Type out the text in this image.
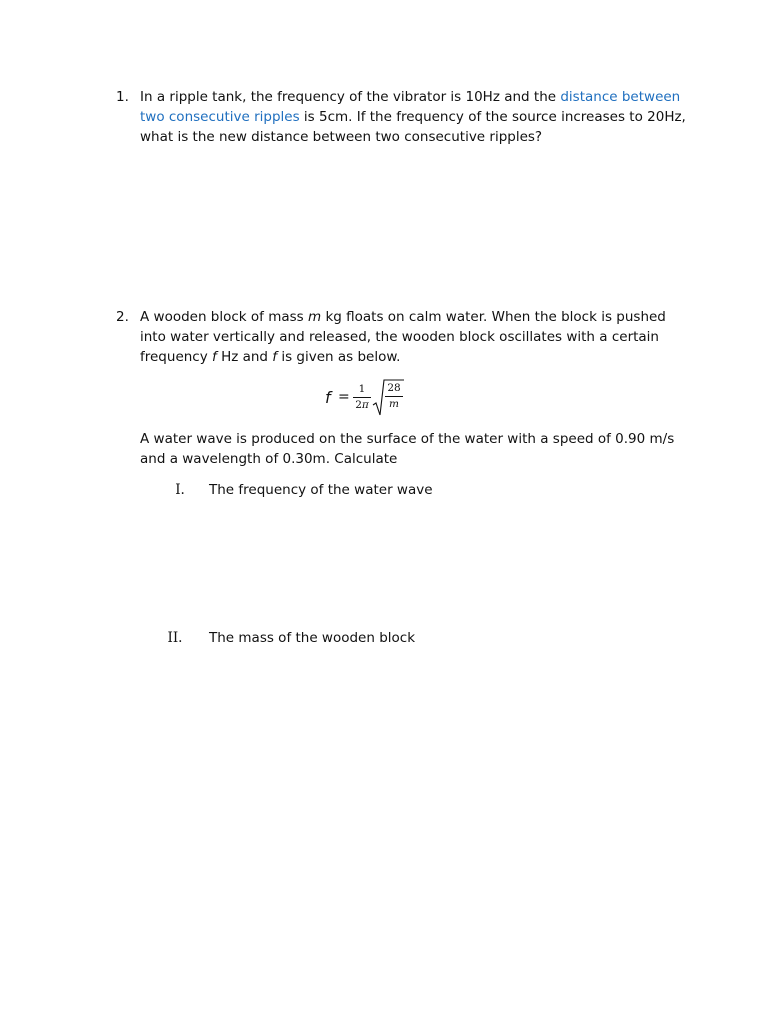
1. In a ripple tank, the frequency of the vibrator is 10Hz and the distance between two consecutive ripples is 5cm. If the frequency of the source increases to 20Hz, what is the new distance between two consecutive ripples?
2. A wooden block of mass m kg floats on calm water. When the block is pushed into water vertically and released, the wooden block oscillates with a certain frequency f Hz and f is given as below.
A water wave is produced on the surface of the water with a speed of 0.90 m/s and a wavelength of 0.30m. Calculate
f = 1
2π
28
m
I.	The frequency of the water wave
II.	The mass of the wooden block
